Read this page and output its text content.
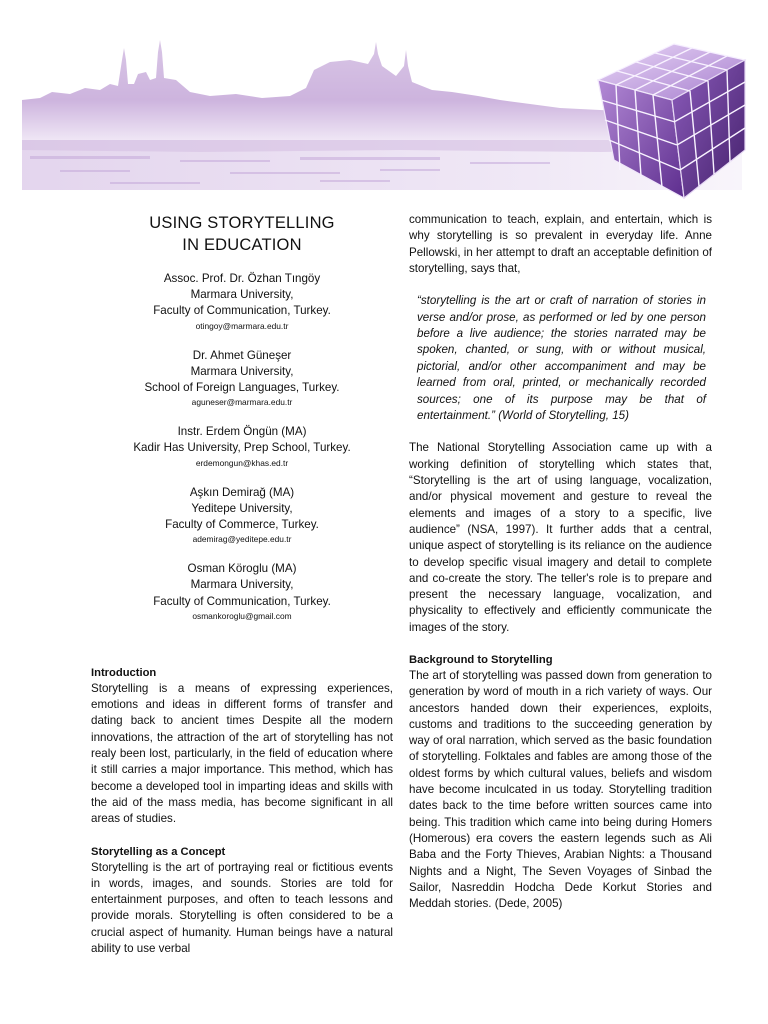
USING STORYTELLING
IN EDUCATION
Assoc. Prof. Dr. Özhan Tıngöy
Marmara University,
Faculty of Communication, Turkey.
otingoy@marmara.edu.tr
Dr. Ahmet Güneşer
Marmara University,
School of Foreign Languages, Turkey.
aguneser@marmara.edu.tr
Instr. Erdem Öngün (MA)
Kadir Has University, Prep School, Turkey.
erdemongun@khas.ed.tr
Aşkın Demirağ (MA)
Yeditepe University,
Faculty of Commerce, Turkey.
ademirag@yeditepe.edu.tr
Osman Köroglu (MA)
Marmara University,
Faculty of Communication, Turkey.
osmankoroglu@gmail.com
Introduction

Storytelling is a means of expressing experiences, emotions and ideas in different forms of transfer and dating back to ancient times Despite all the modern innovations, the attraction of the art of storytelling has not realy been lost, particularly, in the field of education where it still carries a major importance. This method, which has become a developed tool in imparting ideas and skills with the aid of the mass media, has become significant in all areas of studies.

Storytelling as a Concept

Storytelling is the art of portraying real or fictitious events in words, images, and sounds. Stories are told for entertainment purposes, and often to teach lessons and provide morals. Storytelling is often considered to be a crucial aspect of humanity. Human beings have a natural ability to use verbal

communication to teach, explain, and entertain, which is why storytelling is so prevalent in everyday life. Anne Pellowski, in her attempt to draft an acceptable definition of storytelling, says that,

“storytelling is the art or craft of narration of stories in verse and/or prose, as performed or led by one person before a live audience; the stories narrated may be spoken, chanted, or sung, with or without musical, pictorial, and/or other accompaniment and may be learned from oral, printed, or mechanically recorded sources; one of its purpose may be that of entertainment.” (World of Storytelling, 15)

The National Storytelling Association came up with a working definition of storytelling which states that, “Storytelling is the art of using language, vocalization, and/or physical movement and gesture to reveal the elements and images of a story to a specific, live audience” (NSA, 1997). It further adds that a central, unique aspect of storytelling is its reliance on the audience to develop specific visual imagery and detail to complete and co-create the story. The teller's role is to prepare and present the necessary language, vocalization, and physicality to effectively and efficiently communicate the images of the story.

Background to Storytelling

The art of storytelling was passed down from generation to generation by word of mouth in a rich variety of ways. Our ancestors handed down their experiences, exploits, customs and traditions to the succeeding generation by way of oral narration, which served as the basic foundation of storytelling. Folktales and fables are among those of the oldest forms by which cultural values, beliefs and wisdom have become inculcated in us today. Storytelling tradition dates back to the time before written sources came into being. This tradition which came into being during Homers (Homerous) era covers the eastern legends such as Ali Baba and the Forty Thieves, Arabian Nights: a Thousand Nights and a Night, The Seven Voyages of Sinbad the Sailor, Nasreddin Hodcha Dede Korkut Stories and Meddah stories. (Dede, 2005)
